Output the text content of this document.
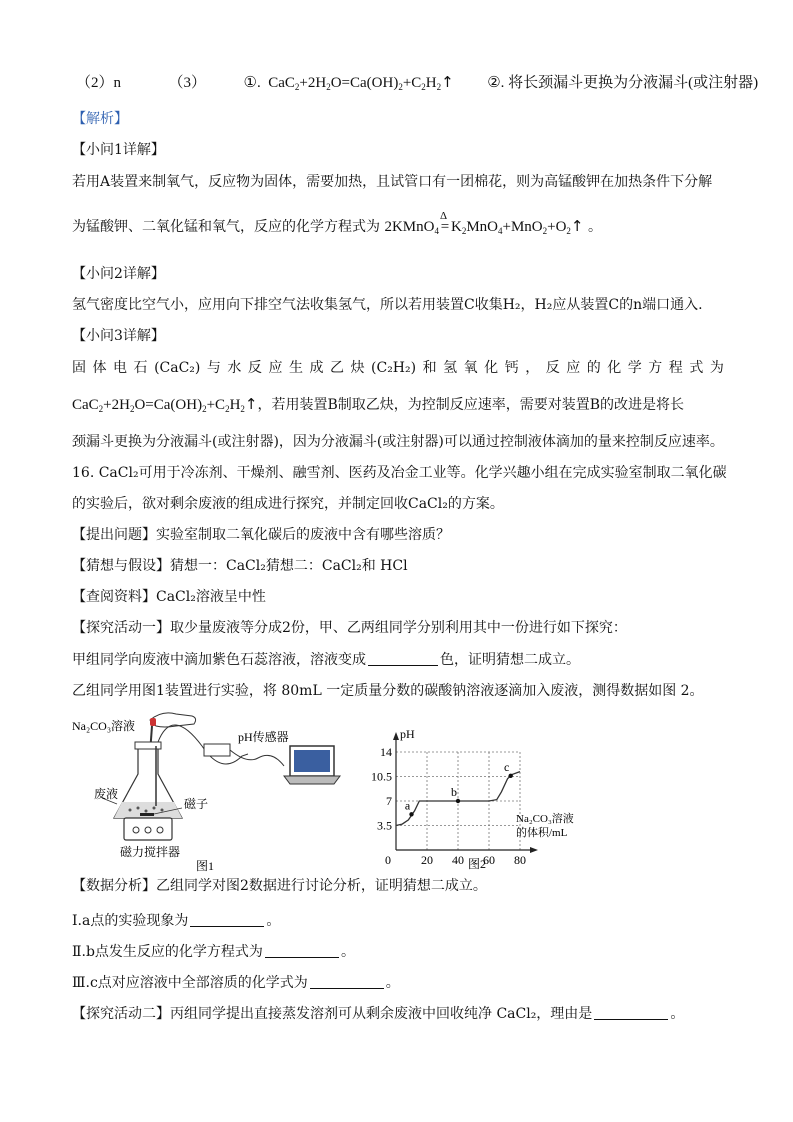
（2）n	（3）	①.  $CaC_2+2H_2O=Ca(OH)_2+C_2H_2↑$ ②. 将长颈漏斗更换为分液漏斗(或注射器)
【解析】
【小问1详解】
若用A装置来制氧气，反应物为固体，需要加热，且试管口有一团棉花，则为高锰酸钾在加热条件下分解
为锰酸钾、二氧化锰和氧气，反应的化学方程式为 2KMnO$_4$ =
Δ
$K_2MnO_4+MnO_2+O_2↑$ 。
【小问2详解】
氢气密度比空气小，应用向下排空气法收集氢气，所以若用装置C收集H₂，H₂应从装置C的n端口通入.
【小问3详解】
固 体 电 石 (CaC₂) 与 水 反 应 生 成 乙 炔 (C₂H₂) 和 氢 氧 化 钙 ， 反 应 的 化 学 方 程 式 为
$CaC_2+2H_2O=Ca(OH)_2+C_2H_2↑$，若用装置B制取乙炔，为控制反应速率，需要对装置B的改进是将长
颈漏斗更换为分液漏斗(或注射器)，因为分液漏斗(或注射器)可以通过控制液体滴加的量来控制反应速率。
16. CaCl₂可用于冷冻剂、干燥剂、融雪剂、医药及冶金工业等。化学兴趣小组在完成实验室制取二氧化碳
的实验后，欲对剩余废液的组成进行探究，并制定回收CaCl₂的方案。
【提出问题】实验室制取二氧化碳后的废液中含有哪些溶质？
【猜想与假设】猜想一：CaCl₂猜想二：CaCl₂和 HCl
【查阅资料】CaCl₂溶液呈中性
【探究活动一】取少量废液等分成2份，甲、乙两组同学分别利用其中一份进行如下探究：
甲组同学向废液中滴加紫色石蕊溶液，溶液变成	色，证明猜想二成立。
乙组同学用图1装置进行实验，将 80mL 一定质量分数的碳酸钠溶液逐滴加入废液，测得数据如图 2。
Na₂CO₃溶液
pH传感器
废液
磁子
磁力搅拌器
图1	0	20 40 60 80
3.5
7
10.5
14
a
b
c
pH
Na₂CO₃溶液
的体积/mL
图2
【数据分析】乙组同学对图2数据进行讨论分析，证明猜想二成立。
I.a点的实验现象为	。
Ⅱ.b点发生反应的化学方程式为	。
Ⅲ.c点对应溶液中全部溶质的化学式为	。
【探究活动二】丙组同学提出直接蒸发溶剂可从剩余废液中回收纯净 CaCl₂，理由是	。
